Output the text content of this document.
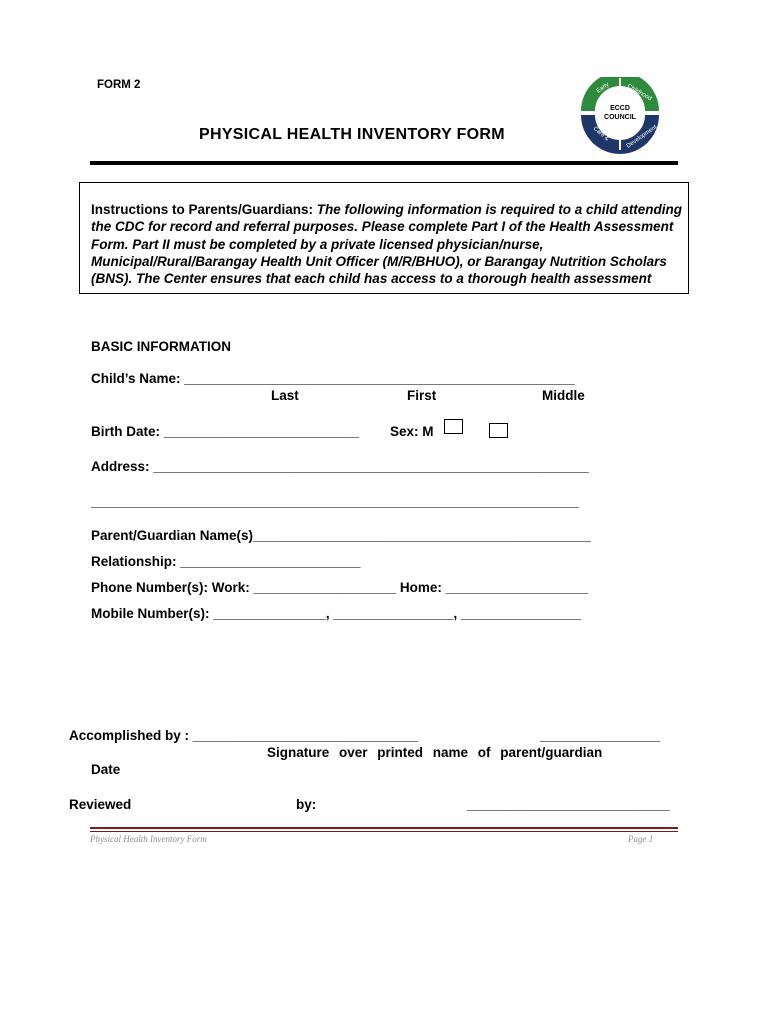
FORM 2
PHYSICAL HEALTH INVENTORY FORM
ECCD
COUNCIL
Early	Childhood
Care &	Development
Instructions to Parents/Guardians: The following information is required to a child attending the CDC for record and referral purposes. Please complete Part I of the Health Assessment Form. Part II must be completed by a private licensed physician/nurse, Municipal/Rural/Barangay Health Unit Officer (M/R/BHUO), or Barangay Nutrition Scholars (BNS). The Center ensures that each child has access to a thorough health assessment
BASIC INFORMATION
Child’s Name: ____________________________________________________
Last	First	Middle
Birth Date: __________________________ Sex: M
Address: __________________________________________________________
_________________________________________________________________
Parent/Guardian Name(s)_____________________________________________
Relationship: ________________________
Phone Number(s): Work: ___________________ Home: ___________________
Mobile Number(s): _______________, ________________, ________________
Accomplished by : ______________________________	________________
Signature over printed name of parent/guardian
Date
Reviewed	by:	___________________________
Physical Health Inventory Form	Page 1
